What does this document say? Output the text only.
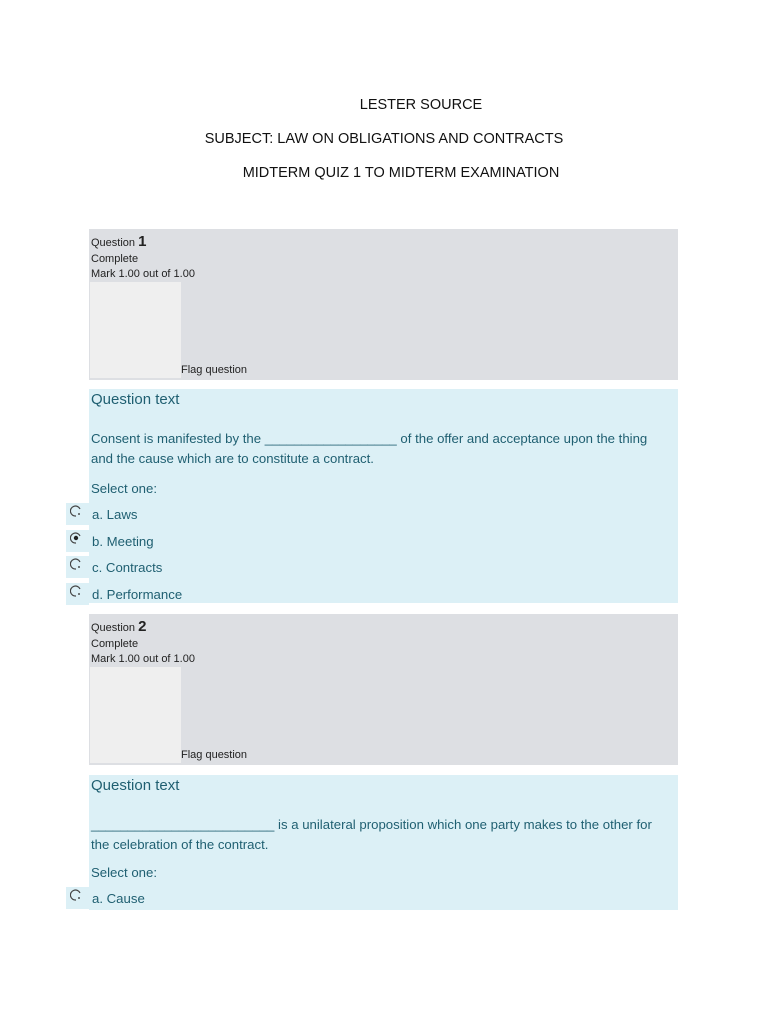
LESTER SOURCE
SUBJECT: LAW ON OBLIGATIONS AND CONTRACTS
MIDTERM QUIZ 1 TO MIDTERM EXAMINATION
Question 1
Complete
Mark 1.00 out of 1.00
Flag question
Question text
Consent is manifested by the __________________ of the offer and acceptance upon the thing and the cause which are to constitute a contract.
Select one:
a. Laws
b. Meeting
c. Contracts
d. Performance
Question 2
Complete
Mark 1.00 out of 1.00
Flag question
Question text
_________________________ is a unilateral proposition which one party makes to the other for the celebration of the contract.
Select one:
a. Cause
